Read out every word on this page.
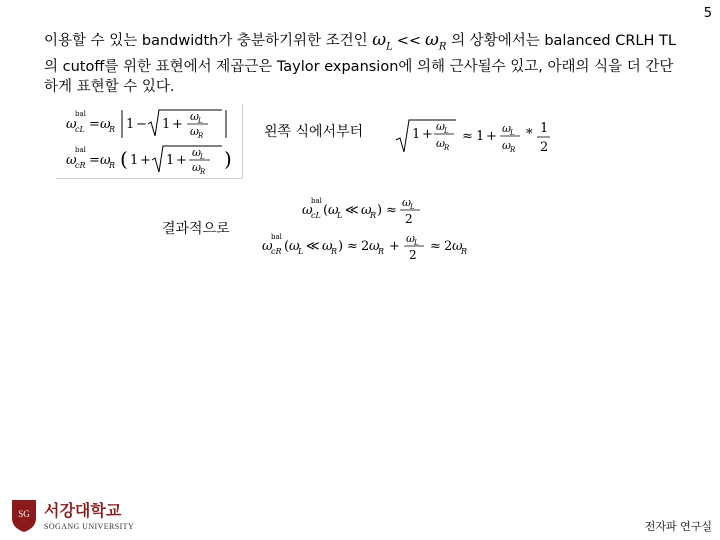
5
이용할 수 있는 bandwidth가 충분하기위한 조건인 $\omega_L << \omega_R$ 의 상황에서는 balanced CRLH TL의 cutoff를 위한 표현에서 제곱근은 Taylor expansion에 의해 근사될수 있고, 아래의 식을 더 간단하게 표현할 수 있다.
ω
bal
cL = ω
R 1 − 1 +
ω L
ω R
ω
bal
cR = ω
R ( 1 + 1 +
ω L
ω R
)
왼쪽 식에서부터	1 +
ω L
ω R
≈ 1 +
ω L
ω R
* 1
2
결과적으로
ω
bal
cL ( ω
L ≪ ω
R ) ≈
ω L
2
ω
bal
cR ( ω
L ≪ ω
R ) ≈ 2 ω
R +
ω L
2
≈ 2 ω
R
SG 서강대학교
SOGANG UNIVERSITY	전자파 연구실
